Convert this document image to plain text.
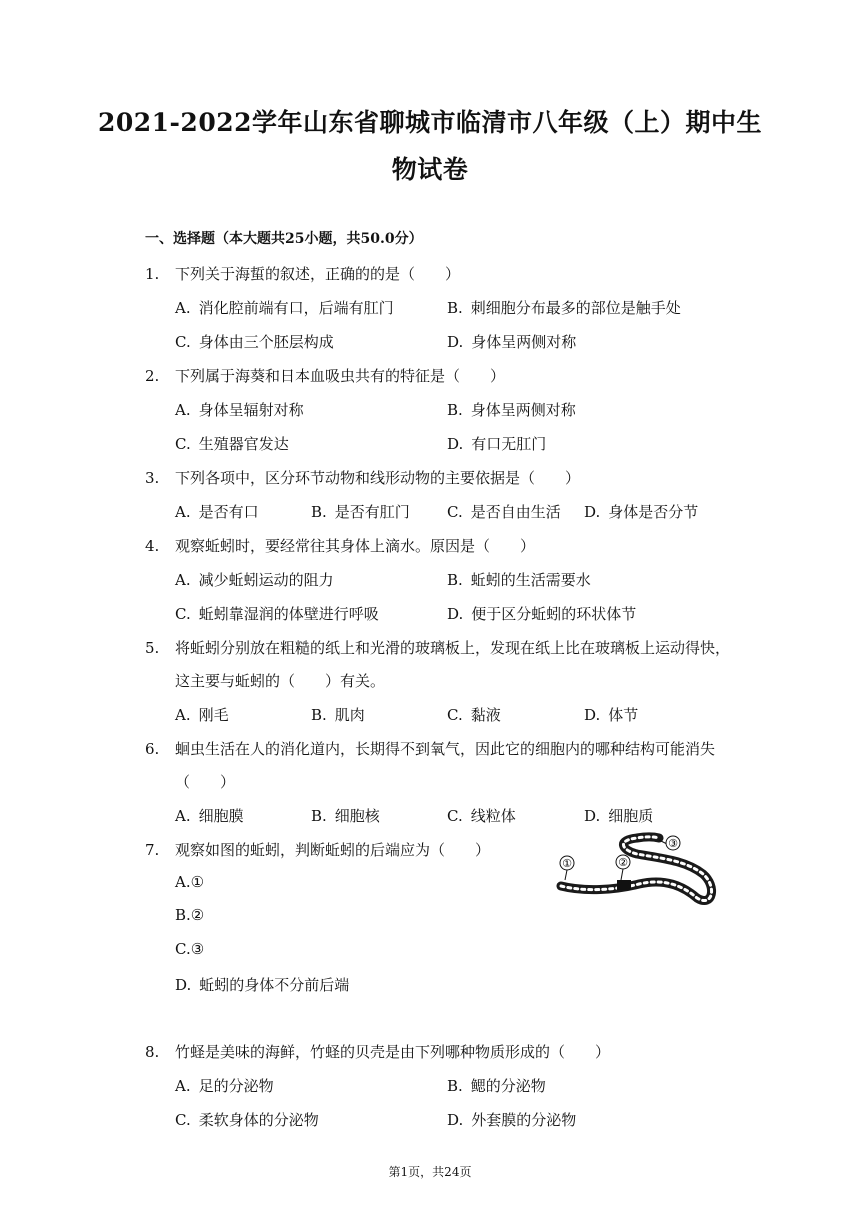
2021-2022学年山东省聊城市临清市八年级（上）期中生
物试卷
一、选择题（本大题共25小题，共50.0分）
1. 下列关于海蜇的叙述，正确的的是（　　）
A. 消化腔前端有口，后端有肛门	B. 刺细胞分布最多的部位是触手处
C. 身体由三个胚层构成	D. 身体呈两侧对称
2. 下列属于海葵和日本血吸虫共有的特征是（　　）
A. 身体呈辐射对称	B. 身体呈两侧对称
C. 生殖器官发达	D. 有口无肛门
3. 下列各项中，区分环节动物和线形动物的主要依据是（　　）
A. 是否有口	B. 是否有肛门 C. 是否自由生活 D. 身体是否分节
4. 观察蚯蚓时，要经常往其身体上滴水。原因是（　　）
A. 减少蚯蚓运动的阻力	B. 蚯蚓的生活需要水
C. 蚯蚓靠湿润的体壁进行呼吸	D. 便于区分蚯蚓的环状体节
5. 将蚯蚓分别放在粗糙的纸上和光滑的玻璃板上，发现在纸上比在玻璃板上运动得快，
这主要与蚯蚓的（　　）有关。
A. 刚毛	B. 肌肉	C. 黏液	D. 体节
6. 蛔虫生活在人的消化道内，长期得不到氧气，因此它的细胞内的哪种结构可能消失
（　　）
A. 细胞膜	B. 细胞核	C. 线粒体	D. 细胞质
7. 观察如图的蚯蚓，判断蚯蚓的后端应为（　　）
A.①
B.②
C.③
D. 蚯蚓的身体不分前后端
①	②
③
8. 竹蛏是美味的海鲜，竹蛏的贝壳是由下列哪种物质形成的（　　）
A. 足的分泌物	B. 鳃的分泌物
C. 柔软身体的分泌物	D. 外套膜的分泌物
第1页，共24页
